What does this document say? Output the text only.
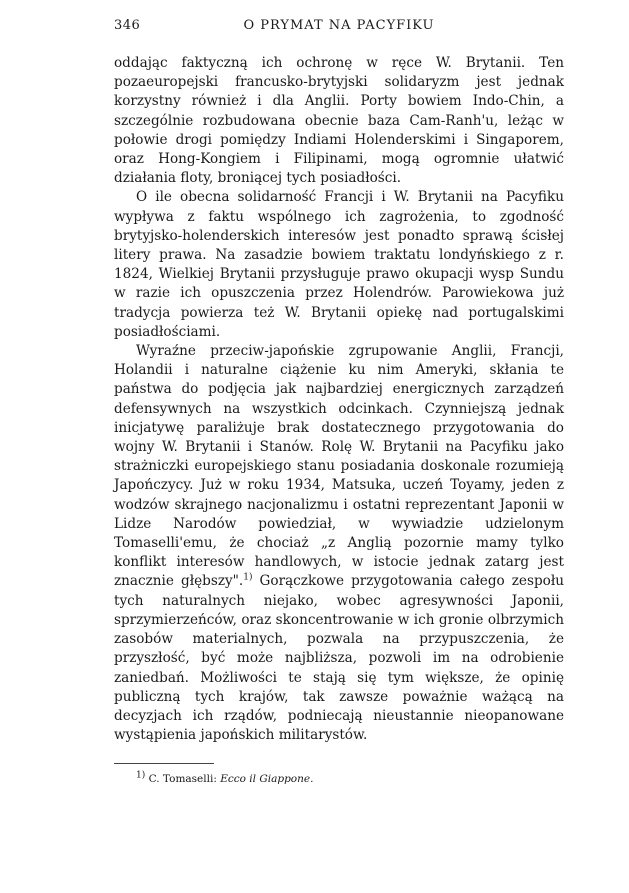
346	O PRYMAT NA PACYFIKU

oddając faktyczną ich ochronę w ręce W. Brytanii. Ten pozaeuropejski francusko-brytyjski solidaryzm jest jednak korzystny również i dla Anglii. Porty bowiem Indo-Chin, a szczególnie rozbudowana obecnie baza Cam-Ranh'u, leżąc w połowie drogi pomiędzy Indiami Holenderskimi i Singaporem, oraz Hong-Kongiem i Filipinami, mogą ogromnie ułatwić działania floty, broniącej tych posiadłości.

O ile obecna solidarność Francji i W. Brytanii na Pacyfiku wypływa z faktu wspólnego ich zagrożenia, to zgodność brytyjsko-holenderskich interesów jest ponadto sprawą ścisłej litery prawa. Na zasadzie bowiem traktatu londyńskiego z r. 1824, Wielkiej Brytanii przysługuje prawo okupacji wysp Sundu w razie ich opuszczenia przez Holendrów. Parowiekowa już tradycja powierza też W. Brytanii opiekę nad portugalskimi posiadłościami.

Wyraźne przeciw-japońskie zgrupowanie Anglii, Francji, Holandii i naturalne ciążenie ku nim Ameryki, skłania te państwa do podjęcia jak najbardziej energicznych zarządzeń defensywnych na wszystkich odcinkach. Czynniejszą jednak inicjatywę paraliżuje brak dostatecznego przygotowania do wojny W. Brytanii i Stanów. Rolę W. Brytanii na Pacyfiku jako strażniczki europejskiego stanu posiadania doskonale rozumieją Japończycy. Już w roku 1934, Matsuka, uczeń Toyamy, jeden z wodzów skrajnego nacjonalizmu i ostatni reprezentant Japonii w Lidze Narodów powiedział, w wywiadzie udzielonym Tomaselli'emu, że chociaż „z Anglią pozornie mamy tylko konflikt interesów handlowych, w istocie jednak zatarg jest znacznie głębszy".$^{1)}$ Gorączkowe przygotowania całego zespołu tych naturalnych niejako, wobec agresywności Japonii, sprzymierzeńców, oraz skoncentrowanie w ich gronie olbrzymich zasobów materialnych, pozwala na przypuszczenia, że przyszłość, być może najbliższa, pozwoli im na odrobienie zaniedbań. Możliwości te stają się tym większe, że opinię publiczną tych krajów, tak zawsze poważnie ważącą na decyzjach ich rządów, podniecają nieustannie nieopanowane wystąpienia japońskich militarystów.

1) C. Tomaselli: Ecco il Giappone.
